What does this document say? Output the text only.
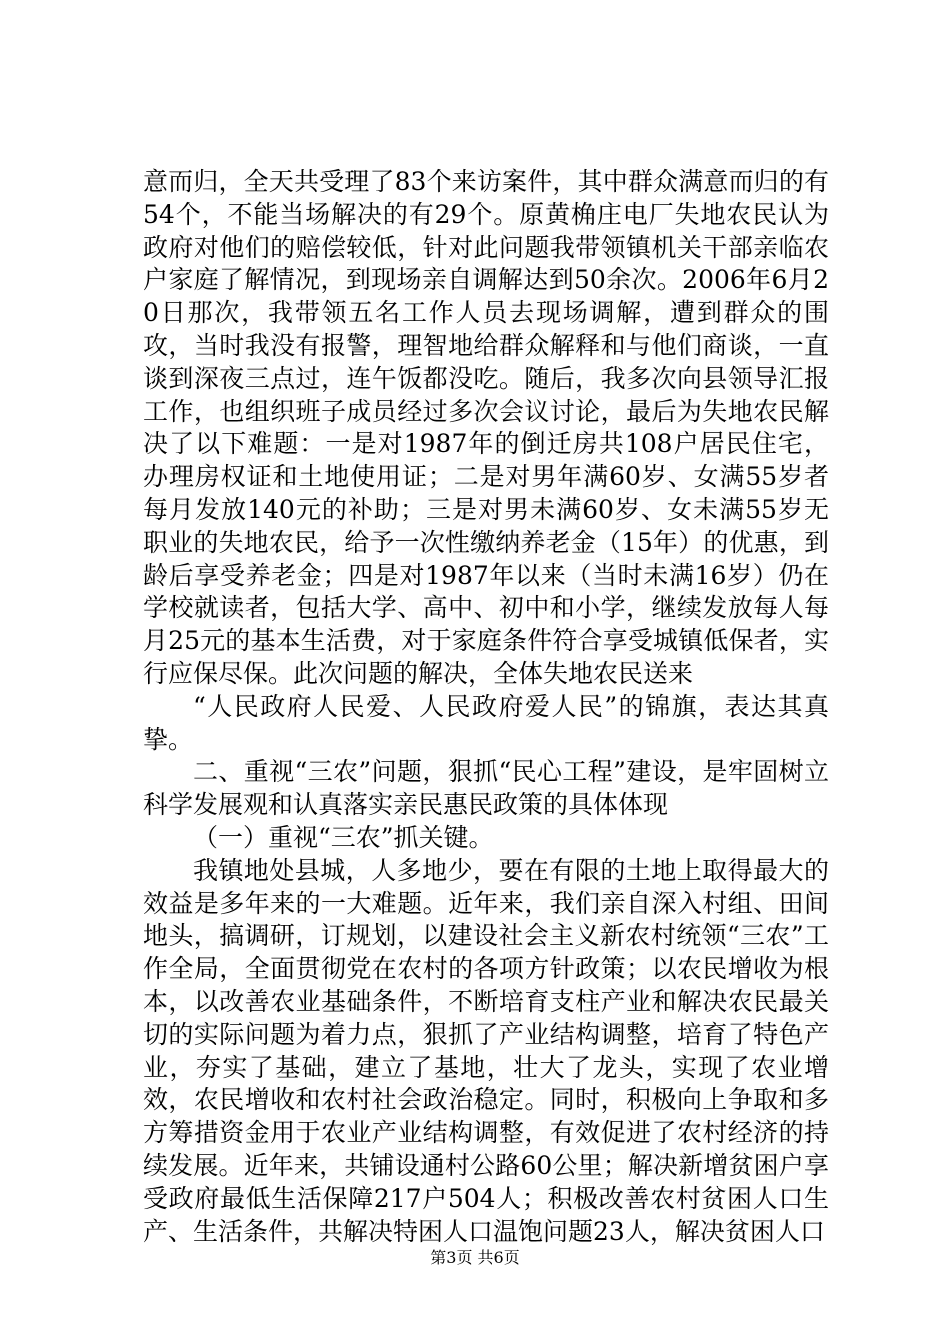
意而归，全天共受理了83个来访案件，其中群众满意而归的有54个，不能当场解决的有29个。原黄桷庄电厂失地农民认为政府对他们的赔偿较低，针对此问题我带领镇机关干部亲临农户家庭了解情况，到现场亲自调解达到50余次。2006年6月20日那次，我带领五名工作人员去现场调解，遭到群众的围攻，当时我没有报警，理智地给群众解释和与他们商谈，一直谈到深夜三点过，连午饭都没吃。随后，我多次向县领导汇报工作，也组织班子成员经过多次会议讨论，最后为失地农民解决了以下难题：一是对1987年的倒迁房共108户居民住宅，办理房权证和土地使用证；二是对男年满60岁、女满55岁者每月发放140元的补助；三是对男未满60岁、女未满55岁无职业的失地农民，给予一次性缴纳养老金（15年）的优惠，到龄后享受养老金；四是对1987年以来（当时未满16岁）仍在学校就读者，包括大学、高中、初中和小学，继续发放每人每月25元的基本生活费，对于家庭条件符合享受城镇低保者，实行应保尽保。此次问题的解决，全体失地农民送来

“人民政府人民爱、人民政府爱人民”的锦旗，表达其真挚。

二、重视“三农”问题，狠抓“民心工程”建设，是牢固树立科学发展观和认真落实亲民惠民政策的具体体现

（一）重视“三农”抓关键。

我镇地处县城，人多地少，要在有限的土地上取得最大的效益是多年来的一大难题。近年来，我们亲自深入村组、田间地头，搞调研，订规划，以建设社会主义新农村统领“三农”工作全局，全面贯彻党在农村的各项方针政策；以农民增收为根本，以改善农业基础条件，不断培育支柱产业和解决农民最关切的实际问题为着力点，狠抓了产业结构调整，培育了特色产业，夯实了基础，建立了基地，壮大了龙头，实现了农业增效，农民增收和农村社会政治稳定。同时，积极向上争取和多方筹措资金用于农业产业结构调整，有效促进了农村经济的持续发展。近年来，共铺设通村公路60公里；解决新增贫困户享受政府最低生活保障217户504人；积极改善农村贫困人口生产、生活条件，共解决特困人口温饱问题23人，解决贫困人口

第3页 共6页
